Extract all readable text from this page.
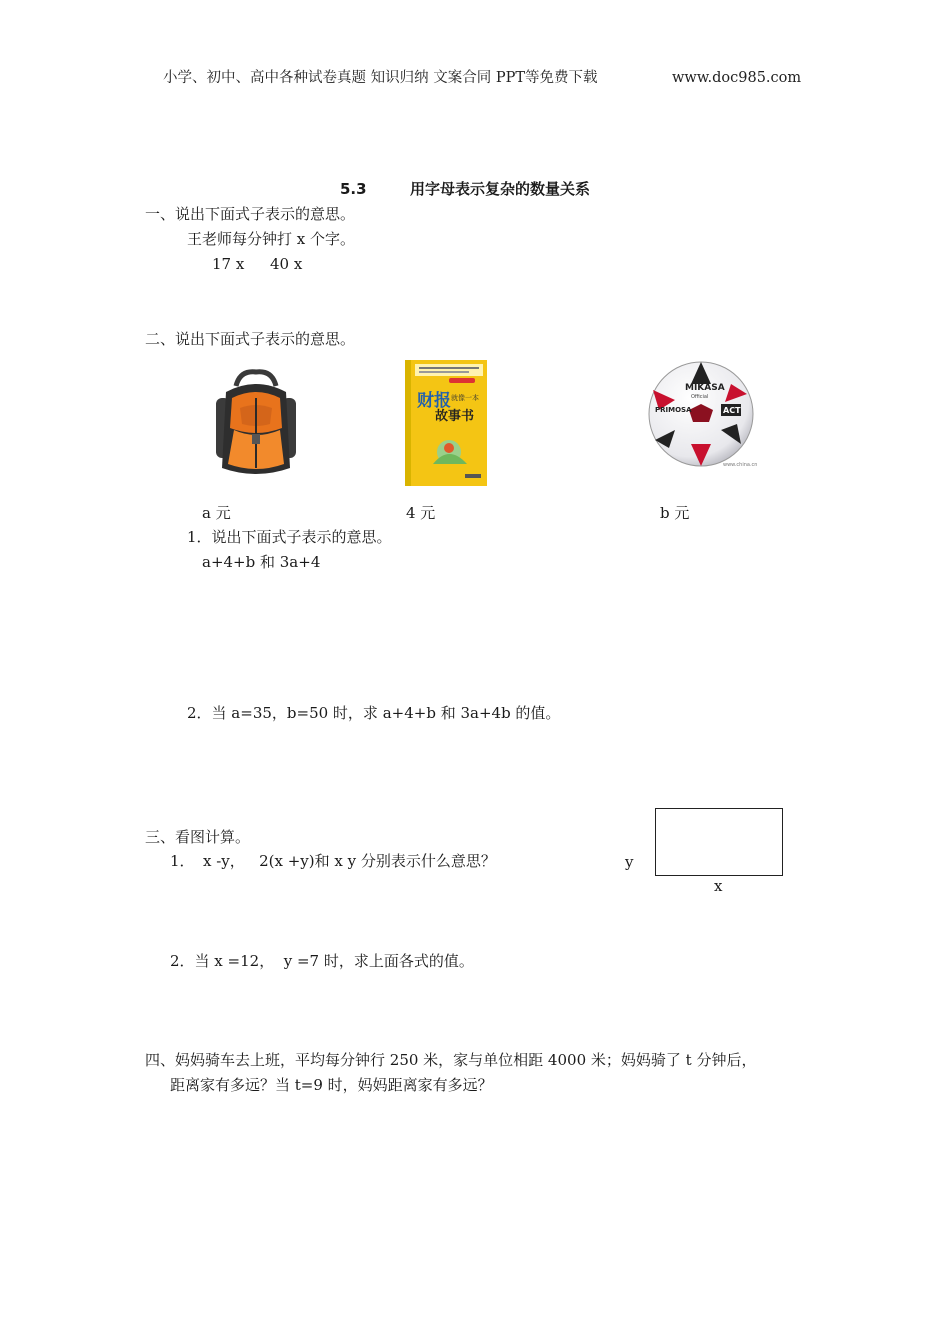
小学、初中、高中各种试卷真题 知识归纳 文案合同 PPT等免费下载	www.doc985.com
5.3	用字母表示复杂的数量关系
一、说出下面式子表示的意思。
王老师每分钟打 x 个字。
17 x 40 x
二、说出下面式子表示的意思。
财报 就像一本
故事书
MIKASA
Official
PRIMOSA	ACT
www.china.cn
a 元	4 元	b 元
1．说出下面式子表示的意思。
a+4+b 和 3a+4
2．当 a=35，b=50 时，求 a+4+b 和 3a+4b 的值。
三、看图计算。
1． x -y，   2(x +y)和 x y 分别表示什么意思？	y
x
2．当 x =12，  y =7 时，求上面各式的值。
四、妈妈骑车去上班，平均每分钟行 250 米，家与单位相距 4000 米；妈妈骑了 t 分钟后，
距离家有多远？当 t=9 时，妈妈距离家有多远？
